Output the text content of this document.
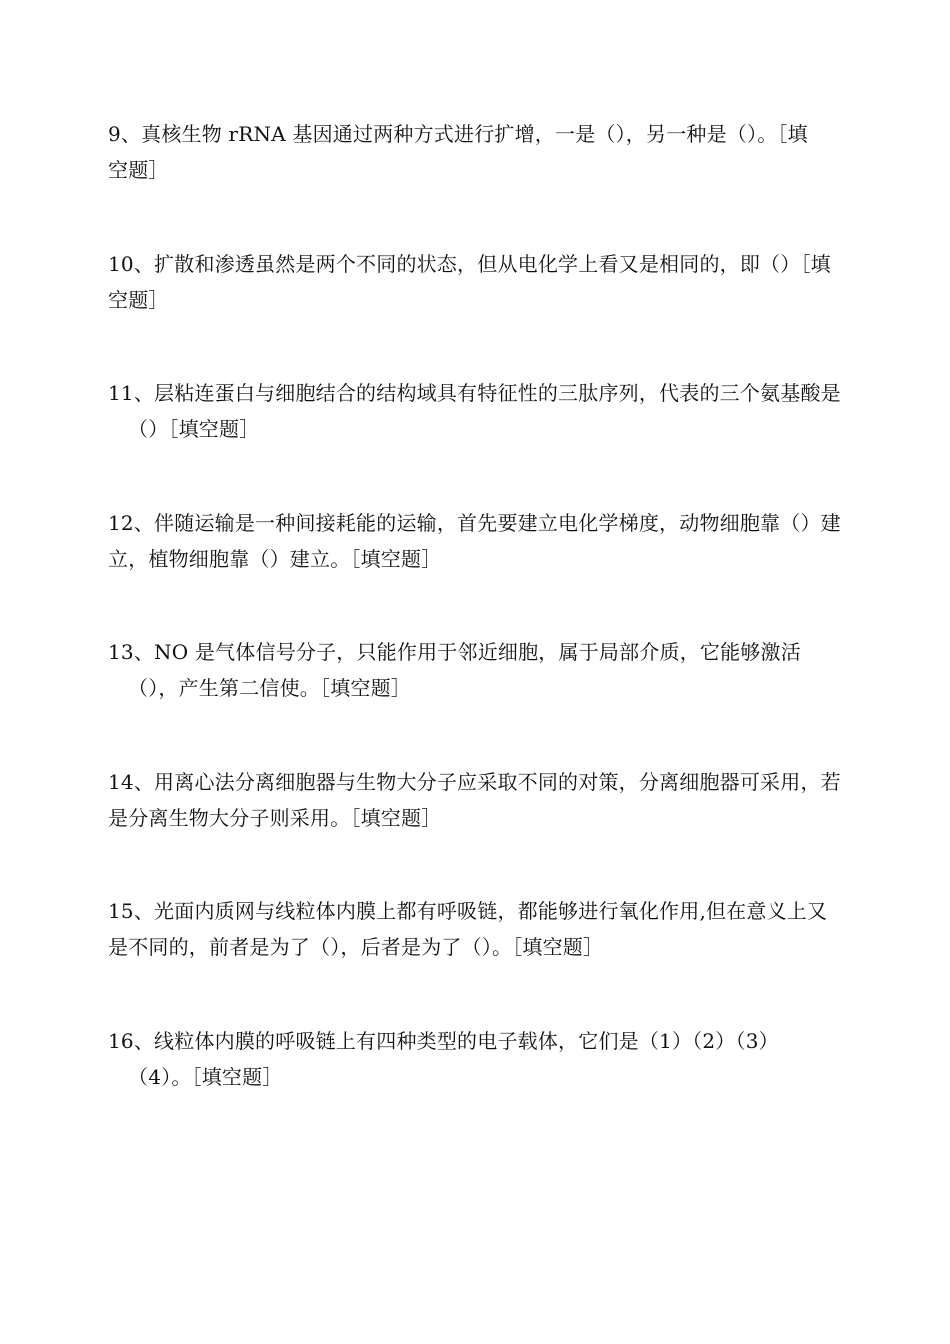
9、真核生物 rRNA 基因通过两种方式进行扩增，一是（），另一种是（）。［填
空题］
10、扩散和渗透虽然是两个不同的状态，但从电化学上看又是相同的，即（）［填
空题］
11、层粘连蛋白与细胞结合的结构域具有特征性的三肽序列，代表的三个氨基酸是
（）［填空题］
12、伴随运输是一种间接耗能的运输，首先要建立电化学梯度，动物细胞靠（）建
立，植物细胞靠（）建立。［填空题］
13、NO 是气体信号分子，只能作用于邻近细胞，属于局部介质，它能够激活
（），产生第二信使。［填空题］
14、用离心法分离细胞器与生物大分子应采取不同的对策，分离细胞器可采用，若
是分离生物大分子则采用。［填空题］
15、光面内质网与线粒体内膜上都有呼吸链，都能够进行氧化作用,但在意义上又
是不同的，前者是为了（），后者是为了（）。［填空题］
16、线粒体内膜的呼吸链上有四种类型的电子载体，它们是（1）（2）（3）
（4）。［填空题］
